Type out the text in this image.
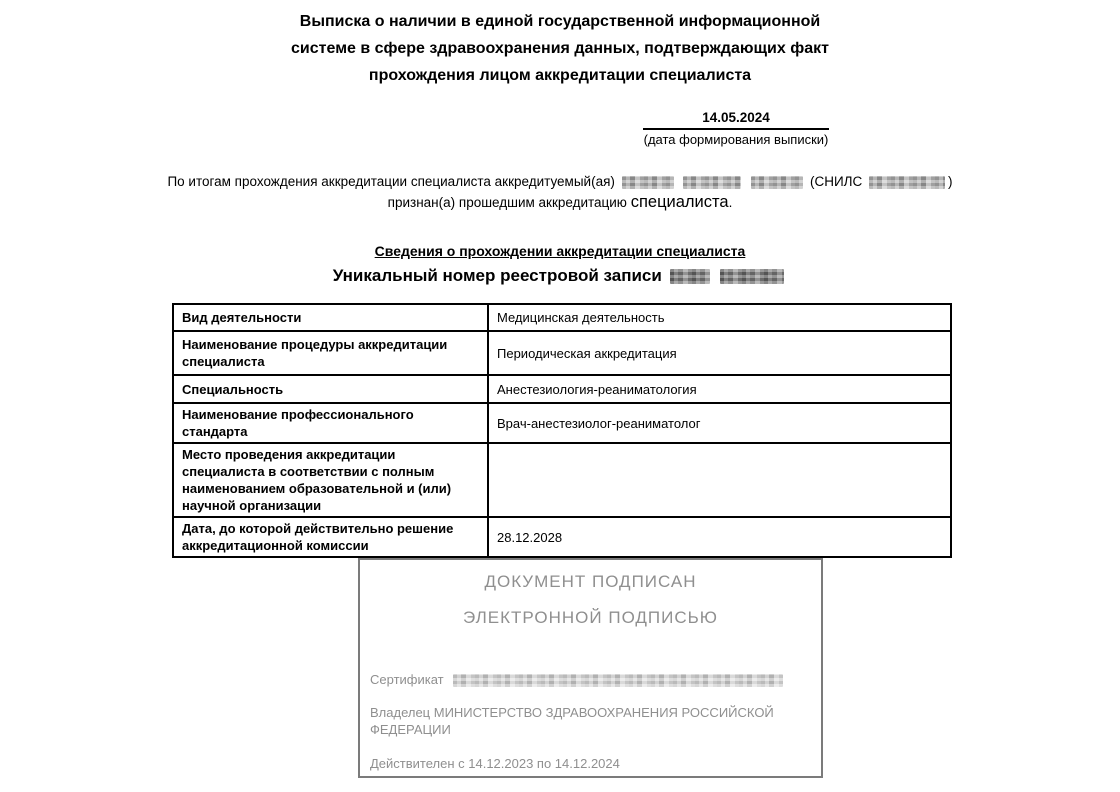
Выписка о наличии в единой государственной информационной
системе в сфере здравоохранения данных, подтверждающих факт
прохождения лицом аккредитации специалиста
14.05.2024
(дата формирования выписки)
По итогам прохождения аккредитации специалиста аккредитуемый(ая)	(СНИЛС	)
признан(а) прошедшим аккредитацию специалиста.
Сведения о прохождении аккредитации специалиста
Уникальный номер реестровой записи
Вид деятельности	Медицинская деятельность
Наименование процедуры аккредитации специалиста	Периодическая аккредитация
Специальность	Анестезиология-реаниматология
Наименование профессионального стандарта	Врач-анестезиолог-реаниматолог
Место проведения аккредитации специалиста в соответствии с полным наименованием образовательной и (или) научной организации	
Дата, до которой действительно решение аккредитационной комиссии	28.12.2028
ДОКУМЕНТ ПОДПИСАН
ЭЛЕКТРОННОЙ ПОДПИСЬЮ
Сертификат
Владелец МИНИСТЕРСТВО ЗДРАВООХРАНЕНИЯ РОССИЙСКОЙ ФЕДЕРАЦИИ
Действителен с 14.12.2023 по 14.12.2024
